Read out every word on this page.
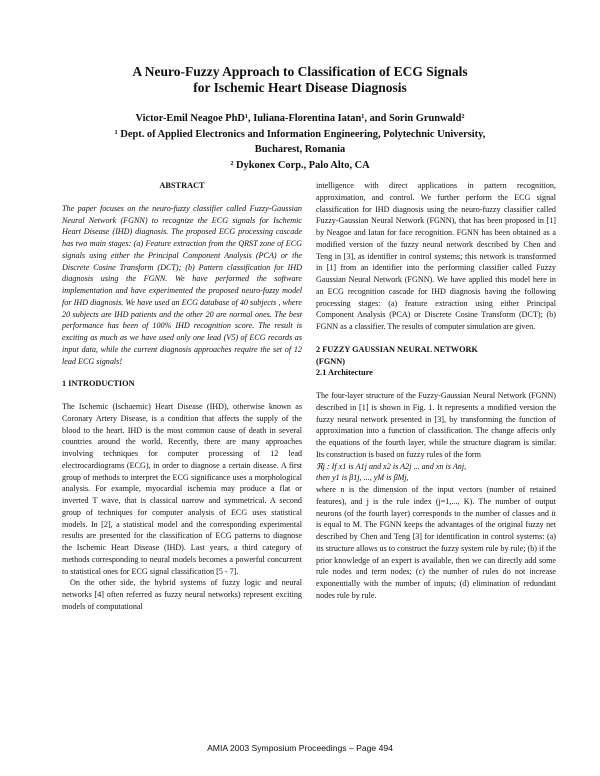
A Neuro-Fuzzy Approach to Classification of ECG Signals
for Ischemic Heart Disease Diagnosis
Victor-Emil Neagoe PhD¹, Iuliana-Florentina Iatan¹, and Sorin Grunwald²
¹ Dept. of Applied Electronics and Information Engineering, Polytechnic University,
Bucharest, Romania
² Dykonex Corp., Palo Alto, CA
ABSTRACT

The paper focuses on the neuro-fuzzy classifier called Fuzzy-Gaussian Neural Network (FGNN) to recognize the ECG signals for Ischemic Heart Disease (IHD) diagnosis. The proposed ECG processing cascade has two main stages: (a) Feature extraction from the QRST zone of ECG signals using either the Principal Component Analysis (PCA) or the Discrete Cosine Transform (DCT); (b) Pattern classification for IHD diagnosis using the FGNN. We have performed the software implementation and have experimented the proposed neuro-fuzzy model for IHD diagnosis. We have used an ECG database of 40 subjects , where 20 subjects are IHD patients and the other 20 are normal ones. The best performance has been of 100% IHD recognition score. The result is exciting as much as we have used only one lead (V5) of ECG records as input data, while the current diagnosis approaches require the set of 12 lead ECG signals!

1 INTRODUCTION

The Ischemic (Ischaemic) Heart Disease (IHD), otherwise known as Coronary Artery Disease, is a condition that affects the supply of the blood to the heart. IHD is the most common cause of death in several countries around the world. Recently, there are many approaches involving techniques for computer processing of 12 lead electrocardiograms (ECG), in order to diagnose a certain disease. A first group of methods to interpret the ECG significance uses a morphological analysis. For example, myocardial ischemia may produce a flat or inverted T wave, that is classical narrow and symmetrical. A second group of techniques for computer analysis of ECG uses statistical models. In [2], a statistical model and the corresponding experimental results are presented for the classification of ECG patterns to diagnose the Ischemic Heart Disease (IHD). Last years, a third category of methods corresponding to neural models becomes a powerful concurrent to statistical ones for ECG signal classification [5 - 7].

On the other side, the hybrid systems of fuzzy logic and neural networks [4] often referred as fuzzy neural networks) represent exciting models of computational

intelligence with direct applications in pattern recognition, approximation, and control. We further perform the ECG signal classification for IHD diagnosis using the neuro-fuzzy classifier called Fuzzy-Gaussian Neural Network (FGNN), that has been proposed in [1] by Neagoe and Iatan for face recognition. FGNN has been obtained as a modified version of the fuzzy neural network described by Chen and Teng in [3], as identifier in control systems; this network is transformed in [1] from an identifier into the performing classifier called Fuzzy Gaussian Neural Network (FGNN). We have applied this model here in an ECG recognition cascade for IHD diagnosis having the following processing stages: (a) feature extraction using either Principal Component Analysis (PCA) or Discrete Cosine Transform (DCT); (b) FGNN as a classifier. The results of computer simulation are given.

2 FUZZY GAUSSIAN NEURAL NETWORK
(FGNN)
2.1 Architecture

The four-layer structure of the Fuzzy-Gaussian Neural Network (FGNN) described in [1] is shown in Fig. 1. It represents a modified version the fuzzy neural network presented in [3], by transforming the function of approximation into a function of classification. The change affects only the equations of the fourth layer, while the structure diagram is similar. Its construction is based on fuzzy rules of the form

ℜj : If x1 is A1j and x2 is A2j ... and xn is Anj,

then y1 is β1j, ..., yM is βMj,

where n is the dimension of the input vectors (number of retained features), and j is the rule index (j=1,..., K). The number of output neurons (of the fourth layer) corresponds to the number of classes and it is equal to M. The FGNN keeps the advantages of the original fuzzy net described by Chen and Teng [3] for identification in control systems: (a) its structure allows us to construct the fuzzy system rule by rule; (b) if the prior knowledge of an expert is available, then we can directly add some rule nodes and term nodes; (c) the number of rules do not increase exponentially with the number of inputs; (d) elimination of redundant nodes rule by rule.

AMIA 2003 Symposium Proceedings – Page 494
